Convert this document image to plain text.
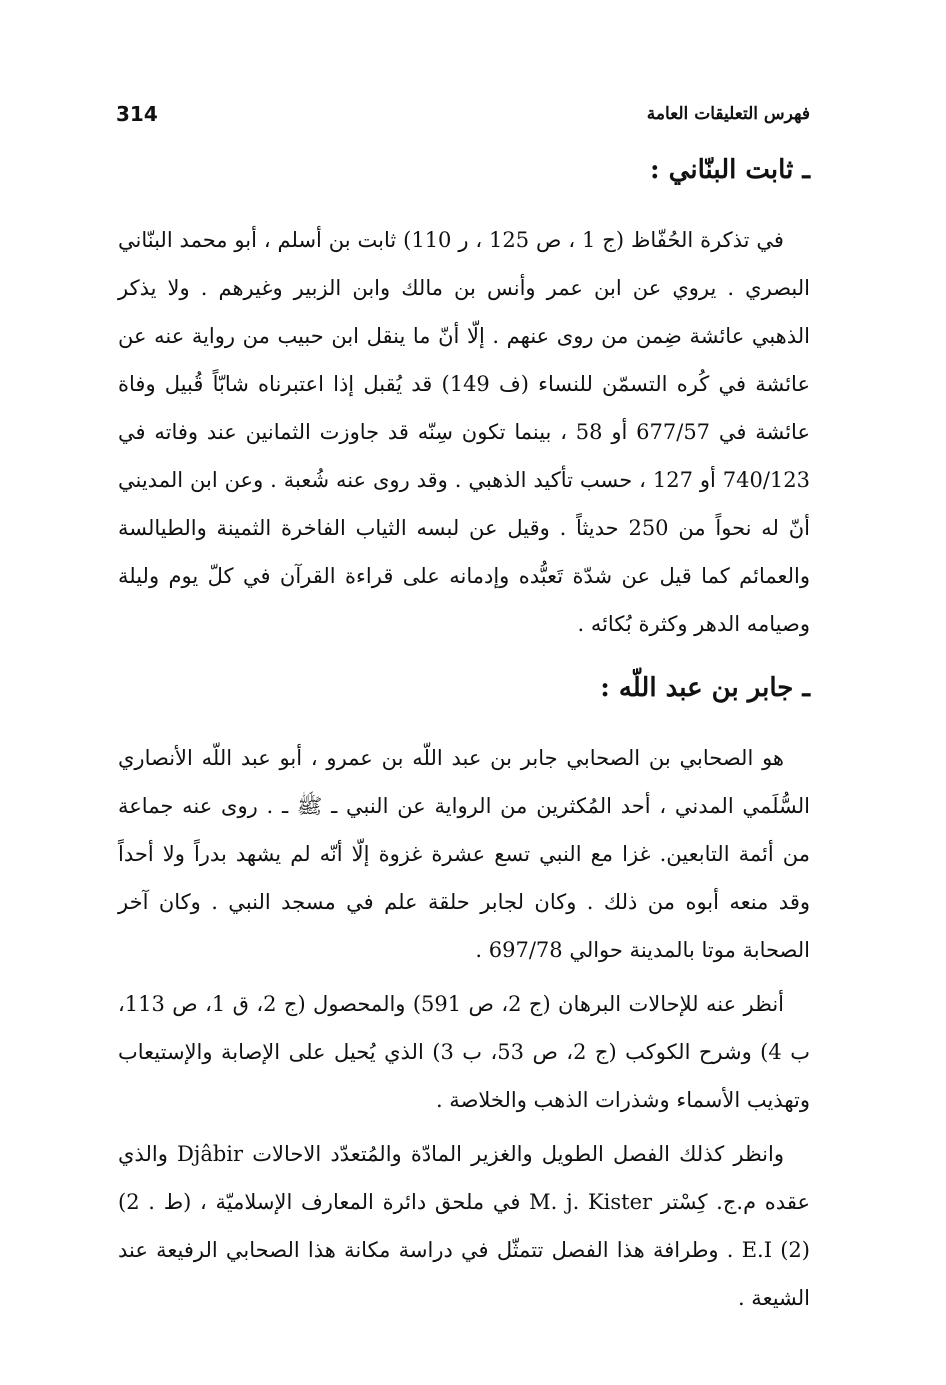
314	فهرس التعليقات العامة
ـ ثابت البنّاني :

في تذكرة الحُفّاظ (ج 1 ، ص 125 ، ر 110) ثابت بن أسلم ، أبو محمد البنّاني البصري . يروي عن ابن عمر وأنس بن مالك وابن الزبير وغيرهم . ولا يذكر الذهبي عائشة ضِمن من روى عنهم . إلّا أنّ ما ينقل ابن حبيب من رواية عنه عن عائشة في كُره التسمّن للنساء (ف 149) قد يُقبل إذا اعتبرناه شابّاً قُبيل وفاة عائشة في 677/57 أو 58 ، بينما تكون سِنّه قد جاوزت الثمانين عند وفاته في 740/123 أو 127 ، حسب تأكيد الذهبي . وقد روى عنه شُعبة . وعن ابن المديني أنّ له نحواً من 250 حديثاً . وقيل عن لبسه الثياب الفاخرة الثمينة والطيالسة والعمائم كما قيل عن شدّة تَعبُّده وإدمانه على قراءة القرآن في كلّ يوم وليلة وصيامه الدهر وكثرة بُكائه .

ـ جابر بن عبد اللّه :

هو الصحابي بن الصحابي جابر بن عبد اللّه بن عمرو ، أبو عبد اللّه الأنصاري السُّلَمي المدني ، أحد المُكثرين من الرواية عن النبي ـ ﷺ ـ . روى عنه جماعة من أئمة التابعين. غزا مع النبي تسع عشرة غزوة إلّا أنّه لم يشهد بدراً ولا أحداً وقد منعه أبوه من ذلك . وكان لجابر حلقة علم في مسجد النبي . وكان آخر الصحابة موتا بالمدينة حوالي 697/78 .

أنظر عنه للإحالات البرهان (ج 2، ص 591) والمحصول (ج 2، ق 1، ص 113، ب 4) وشرح الكوكب (ج 2، ص 53، ب 3) الذي يُحيل على الإصابة والإستيعاب وتهذيب الأسماء وشذرات الذهب والخلاصة .

وانظر كذلك الفصل الطويل والغزير المادّة والمُتعدّد الاحالات Djâbir والذي عقده م.ج. كِسْتر M. j. Kister في ملحق دائرة المعارف الإسلاميّة ، (ط . 2) (2) E.I . وطرافة هذا الفصل تتمثّل في دراسة مكانة هذا الصحابي الرفيعة عند الشيعة .
